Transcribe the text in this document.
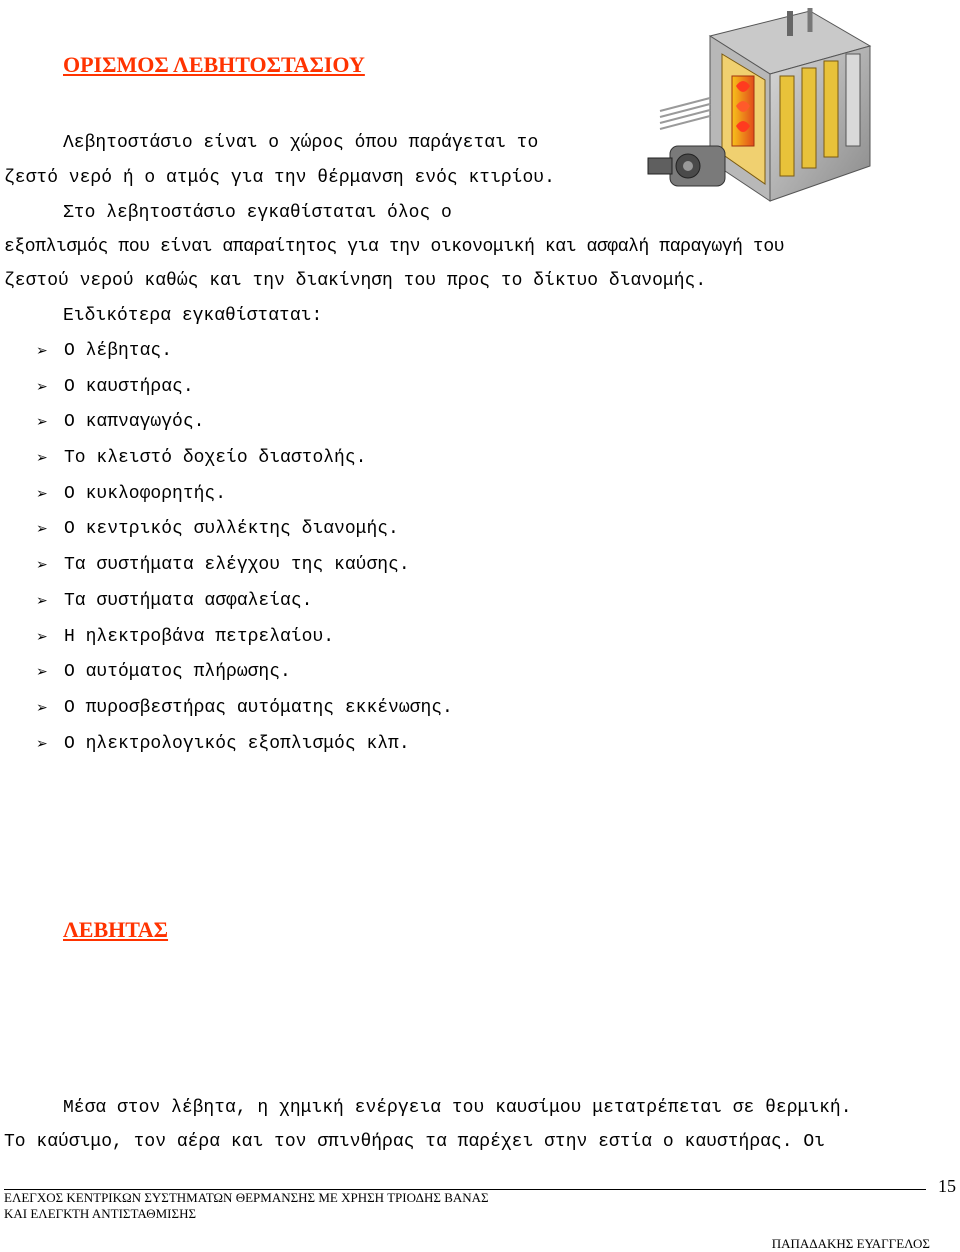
ΟΡΙΣΜΟΣ ΛΕΒΗΤΟΣΤΑΣΙΟΥ
Λεβητοστάσιο είναι ο χώρος όπου παράγεται το
ζεστό νερό ή ο ατμός για την θέρμανση ενός κτιρίου.
Στο λεβητοστάσιο εγκαθίσταται όλος ο
εξοπλισμός που είναι απαραίτητος για την οικονομική και ασφαλή παραγωγή του
ζεστού νερού καθώς και την διακίνηση του προς το δίκτυο διανομής.
Ειδικότερα εγκαθίσταται:
➢ Ο λέβητας.
➢ Ο καυστήρας.
➢ Ο καπναγωγός.
➢ Το κλειστό δοχείο διαστολής.
➢ Ο κυκλοφορητής.
➢ Ο κεντρικός συλλέκτης διανομής.
➢ Τα συστήματα ελέγχου της καύσης.
➢ Τα συστήματα ασφαλείας.
➢ Η ηλεκτροβάνα πετρελαίου.
➢ Ο αυτόματος πλήρωσης.
➢ Ο πυροσβεστήρας αυτόματης εκκένωσης.
➢ Ο ηλεκτρολογικός εξοπλισμός κλπ.
ΛΕΒΗΤΑΣ
Μέσα στον λέβητα, η χημική ενέργεια του καυσίμου μετατρέπεται σε θερμική.
Το καύσιμο, τον αέρα και τον σπινθήρας τα παρέχει στην εστία ο καυστήρας. Οι
15
ΕΛΕΓΧΟΣ ΚΕΝΤΡΙΚΩΝ ΣΥΣΤΗΜΑΤΩΝ ΘΕΡΜΑΝΣΗΣ ΜΕ ΧΡΗΣΗ ΤΡΙΟΔΗΣ ΒΑΝΑΣ
ΚΑΙ ΕΛΕΓΚΤΗ ΑΝΤΙΣΤΑΘΜΙΣΗΣ
ΠΑΠΑΔΑΚΗΣ ΕΥΑΓΓΕΛΟΣ
